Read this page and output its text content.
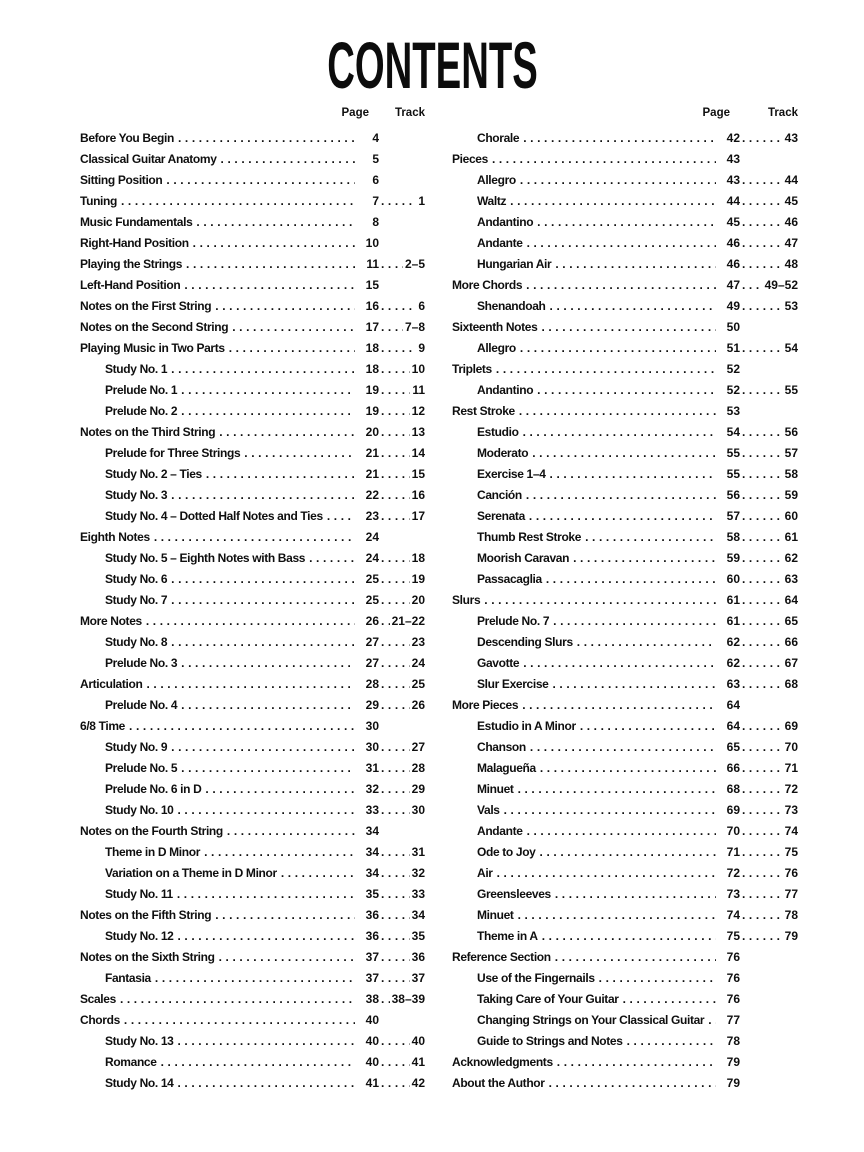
CONTENTS
Page	Track
Before You Begin .....	4
Classical Guitar Anatomy .....	5
Sitting Position .....	6
Tuning .....	7 .....	1
Music Fundamentals .....	8
Right-Hand Position .....	10
Playing the Strings .....	11 ..... 2–5
Left-Hand Position .....	15
Notes on the First String .....	16 .....	6
Notes on the Second String .....	17 ..... 7–8
Playing Music in Two Parts .....	18 .....	9
Study No. 1 .....	18 .....	10
Prelude No. 1 .....	19 .....	11
Prelude No. 2 .....	19 .....	12
Notes on the Third String .....	20 .....	13
Prelude for Three Strings .....	21 .....	14
Study No. 2 – Ties .....	21 .....	15
Study No. 3 .....	22 .....	16
Study No. 4 – Dotted Half Notes and Ties .....	23 .....	17
Eighth Notes .....	24
Study No. 5 – Eighth Notes with Bass .....	24 .....	18
Study No. 6 .....	25 .....	19
Study No. 7 .....	25 .....	20
More Notes .....	26 ..... 21–22
Study No. 8 .....	27 .....	23
Prelude No. 3 .....	27 .....	24
Articulation .....	28 .....	25
Prelude No. 4 .....	29 .....	26
6/8 Time .....	30
Study No. 9 .....	30 .....	27
Prelude No. 5 .....	31 .....	28
Prelude No. 6 in D .....	32 .....	29
Study No. 10 .....	33 .....	30
Notes on the Fourth String .....	34
Theme in D Minor .....	34 .....	31
Variation on a Theme in D Minor .....	34 .....	32
Study No. 11 .....	35 .....	33
Notes on the Fifth String .....	36 .....	34
Study No. 12 .....	36 .....	35
Notes on the Sixth String .....	37 .....	36
Fantasia .....	37 .....	37
Scales .....	38 ..... 38–39
Chords .....	40
Study No. 13 .....	40 .....	40
Romance .....	40 .....	41
Study No. 14 .....	41 .....	42
Page	Track
Chorale .....	42 .....	43
Pieces .....	43
Allegro .....	43 .....	44
Waltz .....	44 .....	45
Andantino .....	45 .....	46
Andante .....	46 .....	47
Hungarian Air .....	46 .....	48
More Chords .....	47 ..... 49–52
Shenandoah .....	49 .....	53
Sixteenth Notes .....	50
Allegro .....	51 .....	54
Triplets .....	52
Andantino .....	52 .....	55
Rest Stroke .....	53
Estudio .....	54 .....	56
Moderato .....	55 .....	57
Exercise 1–4 .....	55 .....	58
Canción .....	56 .....	59
Serenata .....	57 .....	60
Thumb Rest Stroke .....	58 .....	61
Moorish Caravan .....	59 .....	62
Passacaglia .....	60 .....	63
Slurs .....	61 .....	64
Prelude No. 7 .....	61 .....	65
Descending Slurs .....	62 .....	66
Gavotte .....	62 .....	67
Slur Exercise .....	63 .....	68
More Pieces .....	64
Estudio in A Minor .....	64 .....	69
Chanson .....	65 .....	70
Malagueña .....	66 .....	71
Minuet .....	68 .....	72
Vals .....	69 .....	73
Andante .....	70 .....	74
Ode to Joy .....	71 .....	75
Air .....	72 .....	76
Greensleeves .....	73 .....	77
Minuet .....	74 .....	78
Theme in A .....	75 .....	79
Reference Section .....	76
Use of the Fingernails .....	76
Taking Care of Your Guitar .....	76
Changing Strings on Your Classical Guitar .....	77
Guide to Strings and Notes .....	78
Acknowledgments .....	79
About the Author .....	79
